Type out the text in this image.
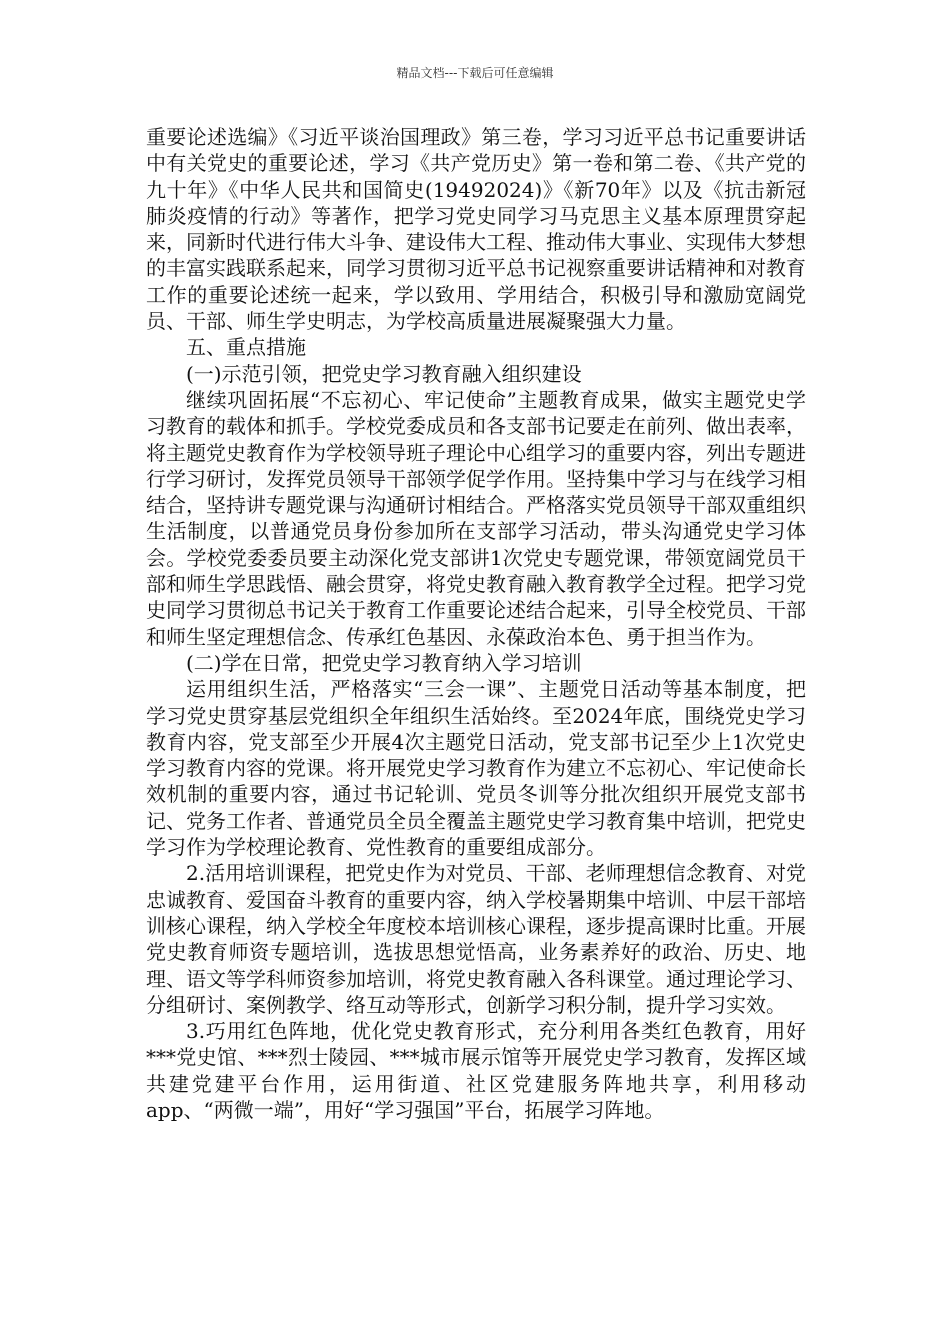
精品文档---下载后可任意编辑

重要论述选编》《习近平谈治国理政》第三卷，学习习近平总书记重要讲话中有关党史的重要论述，学习《共产党历史》第一卷和第二卷、《共产党的九十年》《中华人民共和国简史(19492024)》《新70年》以及《抗击新冠肺炎疫情的行动》等著作，把学习党史同学习马克思主义基本原理贯穿起来，同新时代进行伟大斗争、建设伟大工程、推动伟大事业、实现伟大梦想的丰富实践联系起来，同学习贯彻习近平总书记视察重要讲话精神和对教育工作的重要论述统一起来，学以致用、学用结合，积极引导和激励宽阔党员、干部、师生学史明志，为学校高质量进展凝聚强大力量。

五、重点措施

(一)示范引领，把党史学习教育融入组织建设

继续巩固拓展“不忘初心、牢记使命”主题教育成果，做实主题党史学习教育的载体和抓手。学校党委成员和各支部书记要走在前列、做出表率，将主题党史教育作为学校领导班子理论中心组学习的重要内容，列出专题进行学习研讨，发挥党员领导干部领学促学作用。坚持集中学习与在线学习相结合，坚持讲专题党课与沟通研讨相结合。严格落实党员领导干部双重组织生活制度，以普通党员身份参加所在支部学习活动，带头沟通党史学习体会。学校党委委员要主动深化党支部讲1次党史专题党课，带领宽阔党员干部和师生学思践悟、融会贯穿，将党史教育融入教育教学全过程。把学习党史同学习贯彻总书记关于教育工作重要论述结合起来，引导全校党员、干部和师生坚定理想信念、传承红色基因、永葆政治本色、勇于担当作为。

(二)学在日常，把党史学习教育纳入学习培训

运用组织生活，严格落实“三会一课”、主题党日活动等基本制度，把学习党史贯穿基层党组织全年组织生活始终。至2024年底，围绕党史学习教育内容，党支部至少开展4次主题党日活动，党支部书记至少上1次党史学习教育内容的党课。将开展党史学习教育作为建立不忘初心、牢记使命长效机制的重要内容，通过书记轮训、党员冬训等分批次组织开展党支部书记、党务工作者、普通党员全员全覆盖主题党史学习教育集中培训，把党史学习作为学校理论教育、党性教育的重要组成部分。

2.活用培训课程，把党史作为对党员、干部、老师理想信念教育、对党忠诚教育、爱国奋斗教育的重要内容，纳入学校暑期集中培训、中层干部培训核心课程，纳入学校全年度校本培训核心课程，逐步提高课时比重。开展党史教育师资专题培训，选拔思想觉悟高，业务素养好的政治、历史、地理、语文等学科师资参加培训，将党史教育融入各科课堂。通过理论学习、分组研讨、案例教学、络互动等形式，创新学习积分制，提升学习实效。

3.巧用红色阵地，优化党史教育形式，充分利用各类红色教育，用好***党史馆、***烈士陵园、***城市展示馆等开展党史学习教育，发挥区域共建党建平台作用，运用街道、社区党建服务阵地共享，利用移动app、“两微一端”，用好“学习强国”平台，拓展学习阵地。
